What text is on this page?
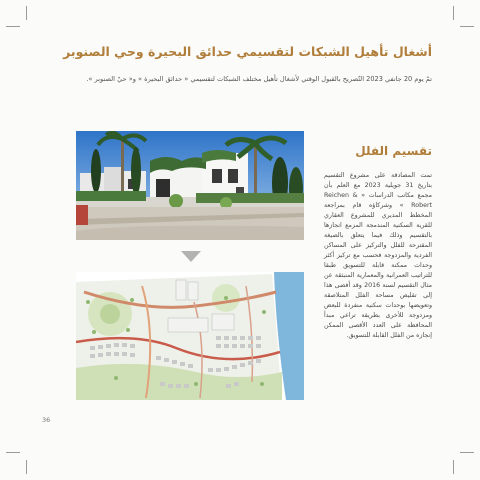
أشغال تأهيل الشبكات لتقسيمي حدائق البحيرة وحي الصنوبر

تمّ يوم 20 جانفي 2023 التّصريح بالقبول الوقتي لأشغال تأهيل مختلف الشبكات لتقسيمي « حدائق البحيرة » و« حيّ الصنوبر ».

تقسيم الفلل

تمت المصادقة على مشروع التقسيم بتاريخ 31 جويلية 2023 مع العلم بأن مجمع مكاتب الدراسات « Reichen & Robert » وشركاؤه قام بمراجعة المخطط المديري للمشروع العقاري للقرية السكنية المندمجة المزمع انجازها بالتقسيم وذلك فيما يتعلق بالصيغة المقترحة للفلل والتركيز على المساكن الفردية والمزدوجة فحسب مع تركيز أكثر وحدات ممكنة قابلة للتسويق طبقا للتراتيب العمرانية والمعمارية المنبثقة عن مثال التقسيم لسنة 2016 وقد أفضى هذا إلى تقليص مساحة الفلل المتلاصقة وتعويضها بوحدات سكنية منفردة للبعض ومزدوجة للأخرى بطريقة تراعي مبدأ المحافظة على العدد الأقصى الممكن إنجازه من الفلل القابلة للتسويق.

36
